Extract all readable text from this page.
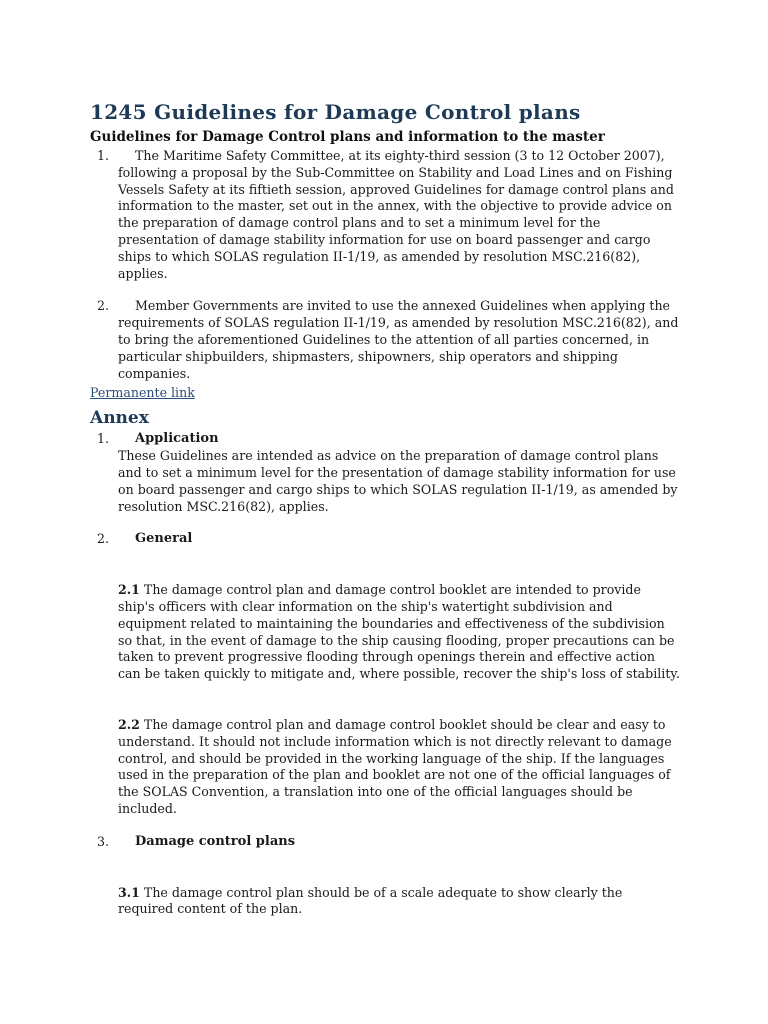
1245 Guidelines for Damage Control plans
Guidelines for Damage Control plans and information to the master
1.	The Maritime Safety Committee, at its eighty-third session (3 to 12 October 2007), following a proposal by the Sub-Committee on Stability and Load Lines and on Fishing Vessels Safety at its fiftieth session, approved Guidelines for damage control plans and information to the master, set out in the annex, with the objective to provide advice on the preparation of damage control plans and to set a minimum level for the presentation of damage stability information for use on board passenger and cargo ships to which SOLAS regulation II-1/19, as amended by resolution MSC.216(82), applies.

2.	Member Governments are invited to use the annexed Guidelines when applying the requirements of SOLAS regulation II-1/19, as amended by resolution MSC.216(82), and to bring the aforementioned Guidelines to the attention of all parties concerned, in particular shipbuilders, shipmasters, shipowners, ship operators and shipping companies.

Permanente link
Annex
1.	Application

These Guidelines are intended as advice on the preparation of damage control plans and to set a minimum level for the presentation of damage stability information for use on board passenger and cargo ships to which SOLAS regulation II-1/19, as amended by resolution MSC.216(82), applies.

2.	General

2.1 The damage control plan and damage control booklet are intended to provide ship's officers with clear information on the ship's watertight subdivision and equipment related to maintaining the boundaries and effectiveness of the subdivision so that, in the event of damage to the ship causing flooding, proper precautions can be taken to prevent progressive flooding through openings therein and effective action can be taken quickly to mitigate and, where possible, recover the ship's loss of stability.

2.2 The damage control plan and damage control booklet should be clear and easy to understand. It should not include information which is not directly relevant to damage control, and should be provided in the working language of the ship. If the languages used in the preparation of the plan and booklet are not one of the official languages of the SOLAS Convention, a translation into one of the official languages should be included.

3.	Damage control plans

3.1 The damage control plan should be of a scale adequate to show clearly the required content of the plan.
